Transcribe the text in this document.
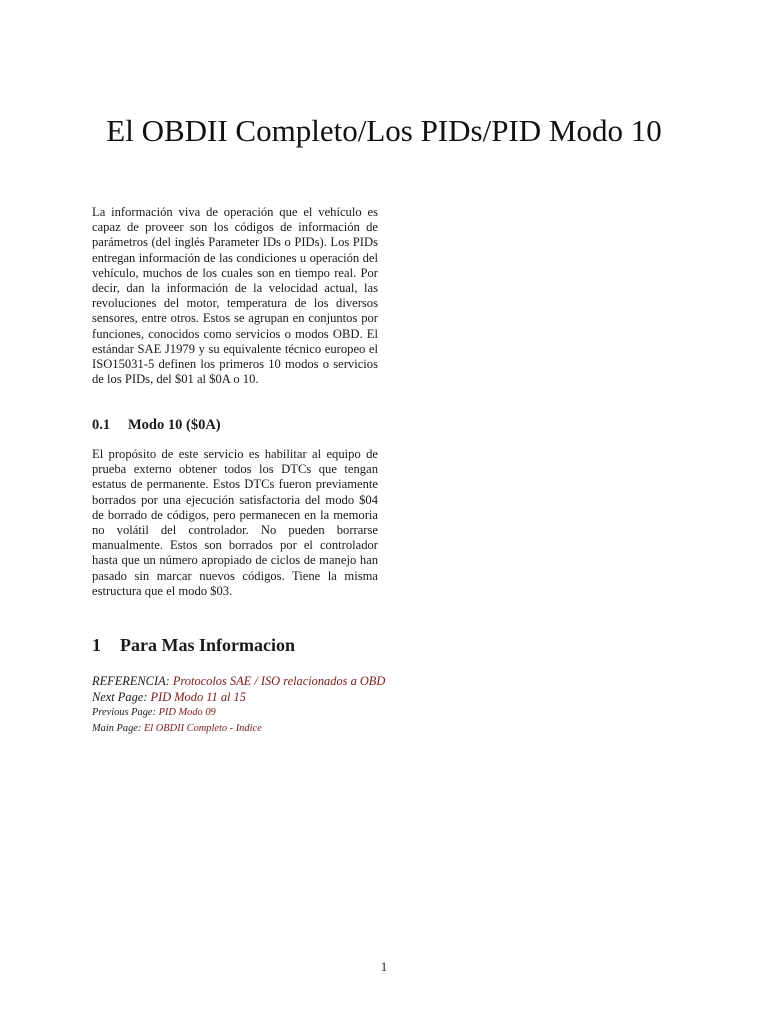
El OBDII Completo/Los PIDs/PID Modo 10

La información viva de operación que el vehículo es capaz de proveer son los códigos de información de parámetros (del inglés Parameter IDs o PIDs). Los PIDs entregan información de las condiciones u operación del vehículo, muchos de los cuales son en tiempo real. Por decir, dan la información de la velocidad actual, las revoluciones del motor, temperatura de los diversos sensores, entre otros. Estos se agrupan en conjuntos por funciones, conocidos como servicios o modos OBD. El estándar SAE J1979 y su equivalente técnico europeo el ISO15031-5 definen los primeros 10 modos o servicios de los PIDs, del $01 al $0A o 10.

0.1 Modo 10 ($0A)

El propósito de este servicio es habilitar al equipo de prueba externo obtener todos los DTCs que tengan estatus de permanente. Estos DTCs fueron previamente borrados por una ejecución satisfactoria del modo $04 de borrado de códigos, pero permanecen en la memoria no volátil del controlador. No pueden borrarse manualmente. Estos son borrados por el controlador hasta que un número apropiado de ciclos de manejo han pasado sin marcar nuevos códigos. Tiene la misma estructura que el modo $03.

1 Para Mas Informacion

REFERENCIA: Protocolos SAE / ISO relacionados a OBD

Next Page: PID Modo 11 al 15

Previous Page: PID Modo 09

Main Page: El OBDII Completo - Indice

1
